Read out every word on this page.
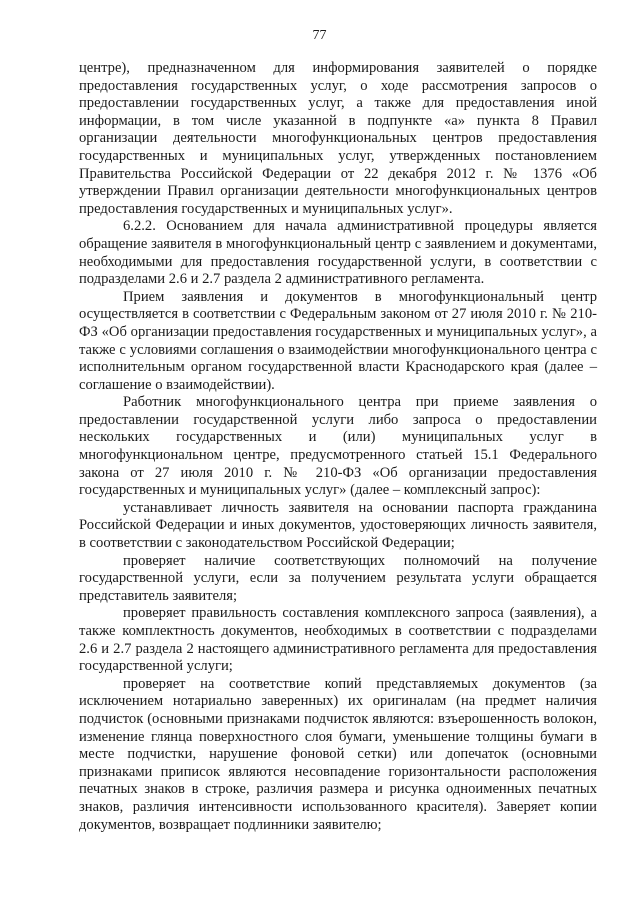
77

центре), предназначенном для информирования заявителей о порядке предоставления государственных услуг, о ходе рассмотрения запросов о предоставлении государственных услуг, а также для предоставления иной информации, в том числе указанной в подпункте «а» пункта 8 Правил организации деятельности многофункциональных центров предоставления государственных и муниципальных услуг, утвержденных постановлением Правительства Российской Федерации от 22 декабря 2012 г. № 1376 «Об утверждении Правил организации деятельности многофункциональных центров предоставления государственных и муниципальных услуг».

6.2.2. Основанием для начала административной процедуры является обращение заявителя в многофункциональный центр с заявлением и документами, необходимыми для предоставления государственной услуги, в соответствии с подразделами 2.6 и 2.7 раздела 2 административного регламента.

Прием заявления и документов в многофункциональный центр осуществляется в соответствии с Федеральным законом от 27 июля 2010 г. № 210-ФЗ «Об организации предоставления государственных и муниципальных услуг», а также с условиями соглашения о взаимодействии многофункционального центра с исполнительным органом государственной власти Краснодарского края (далее – соглашение о взаимодействии).

Работник многофункционального центра при приеме заявления о предоставлении государственной услуги либо запроса о предоставлении нескольких государственных и (или) муниципальных услуг в многофункциональном центре, предусмотренного статьей 15.1 Федерального закона от 27 июля 2010 г. № 210-ФЗ «Об организации предоставления государственных и муниципальных услуг» (далее – комплексный запрос):

устанавливает личность заявителя на основании паспорта гражданина Российской Федерации и иных документов, удостоверяющих личность заявителя, в соответствии с законодательством Российской Федерации;

проверяет наличие соответствующих полномочий на получение государственной услуги, если за получением результата услуги обращается представитель заявителя;

проверяет правильность составления комплексного запроса (заявления), а также комплектность документов, необходимых в соответствии с подразделами 2.6 и 2.7 раздела 2 настоящего административного регламента для предоставления государственной услуги;

проверяет на соответствие копий представляемых документов (за исключением нотариально заверенных) их оригиналам (на предмет наличия подчисток (основными признаками подчисток являются: взъерошенность волокон, изменение глянца поверхностного слоя бумаги, уменьшение толщины бумаги в месте подчистки, нарушение фоновой сетки) или допечаток (основными признаками приписок являются несовпадение горизонтальности расположения печатных знаков в строке, различия размера и рисунка одноименных печатных знаков, различия интенсивности использованного красителя). Заверяет копии документов, возвращает подлинники заявителю;
